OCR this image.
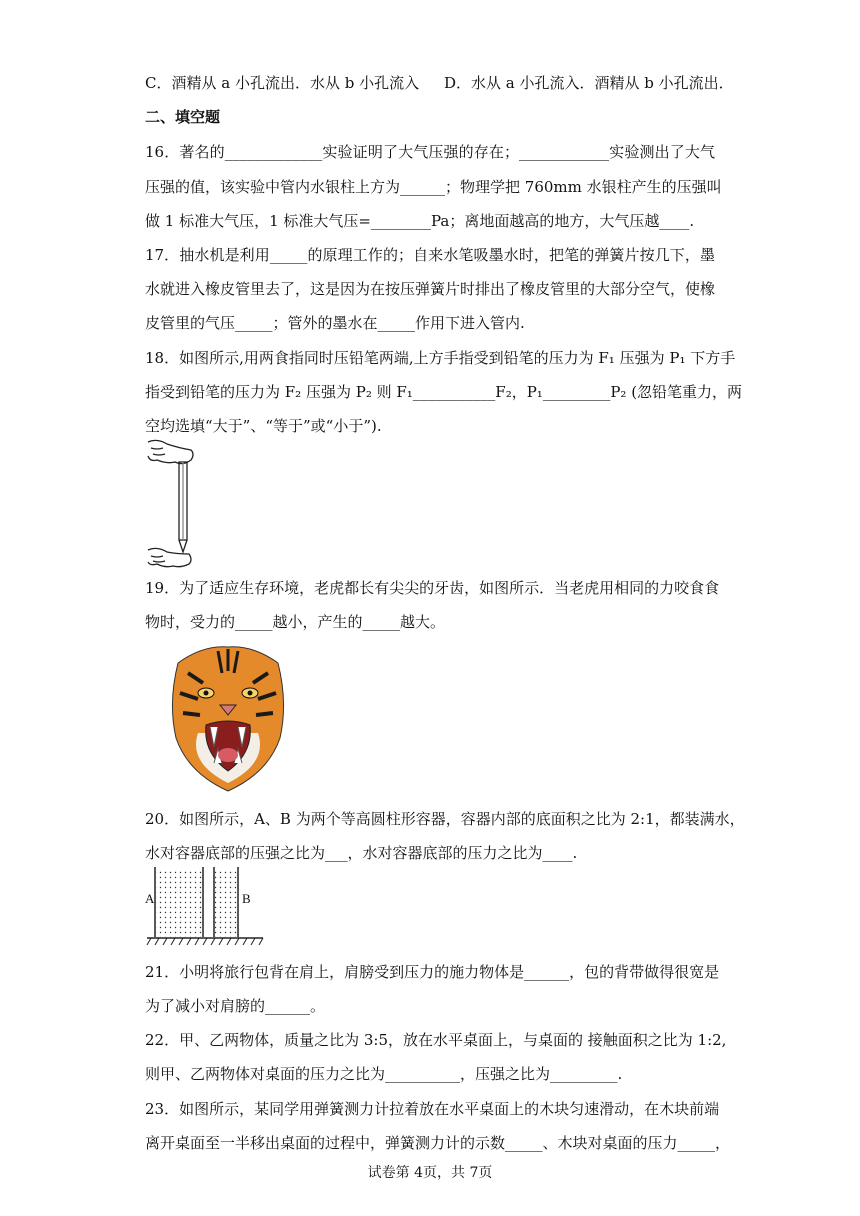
C．酒精从 a 小孔流出．水从 b 小孔流入	D．水从 a 小孔流入．酒精从 b 小孔流出．
二、填空题
16．著名的_____________实验证明了大气压强的存在；____________实验测出了大气
压强的值，该实验中管内水银柱上方为______；物理学把 760mm 水银柱产生的压强叫
做 1 标准大气压，1 标准大气压=________Pa；离地面越高的地方，大气压越____.
17．抽水机是利用_____的原理工作的；自来水笔吸墨水时，把笔的弹簧片按几下，墨
水就进入橡皮管里去了，这是因为在按压弹簧片时排出了橡皮管里的大部分空气，使橡
皮管里的气压_____；管外的墨水在_____作用下进入管内.
18．如图所示,用两食指同时压铅笔两端,上方手指受到铅笔的压力为 F₁ 压强为 P₁ 下方手
指受到铅笔的压力为 F₂ 压强为 P₂ 则 F₁___________F₂，P₁_________P₂ (忽铅笔重力，两
空均选填“大于”、“等于”或“小于”).
19．为了适应生存环境，老虎都长有尖尖的牙齿，如图所示．当老虎用相同的力咬食食
物时，受力的_____越小，产生的_____越大。
20．如图所示，A、B 为两个等高圆柱形容器，容器内部的底面积之比为 2:1，都装满水，
水对容器底部的压强之比为___，水对容器底部的压力之比为____.
A	B
21．小明将旅行包背在肩上，肩膀受到压力的施力物体是______，包的背带做得很宽是
为了减小对肩膀的______。
22．甲、乙两物体，质量之比为 3:5，放在水平桌面上，与桌面的 接触面积之比为 1:2,
则甲、乙两物体对桌面的压力之比为__________，压强之比为_________.
23．如图所示，某同学用弹簧测力计拉着放在水平桌面上的木块匀速滑动，在木块前端
离开桌面至一半移出桌面的过程中，弹簧测力计的示数_____、木块对桌面的压力_____，
试卷第 4页，共 7页
